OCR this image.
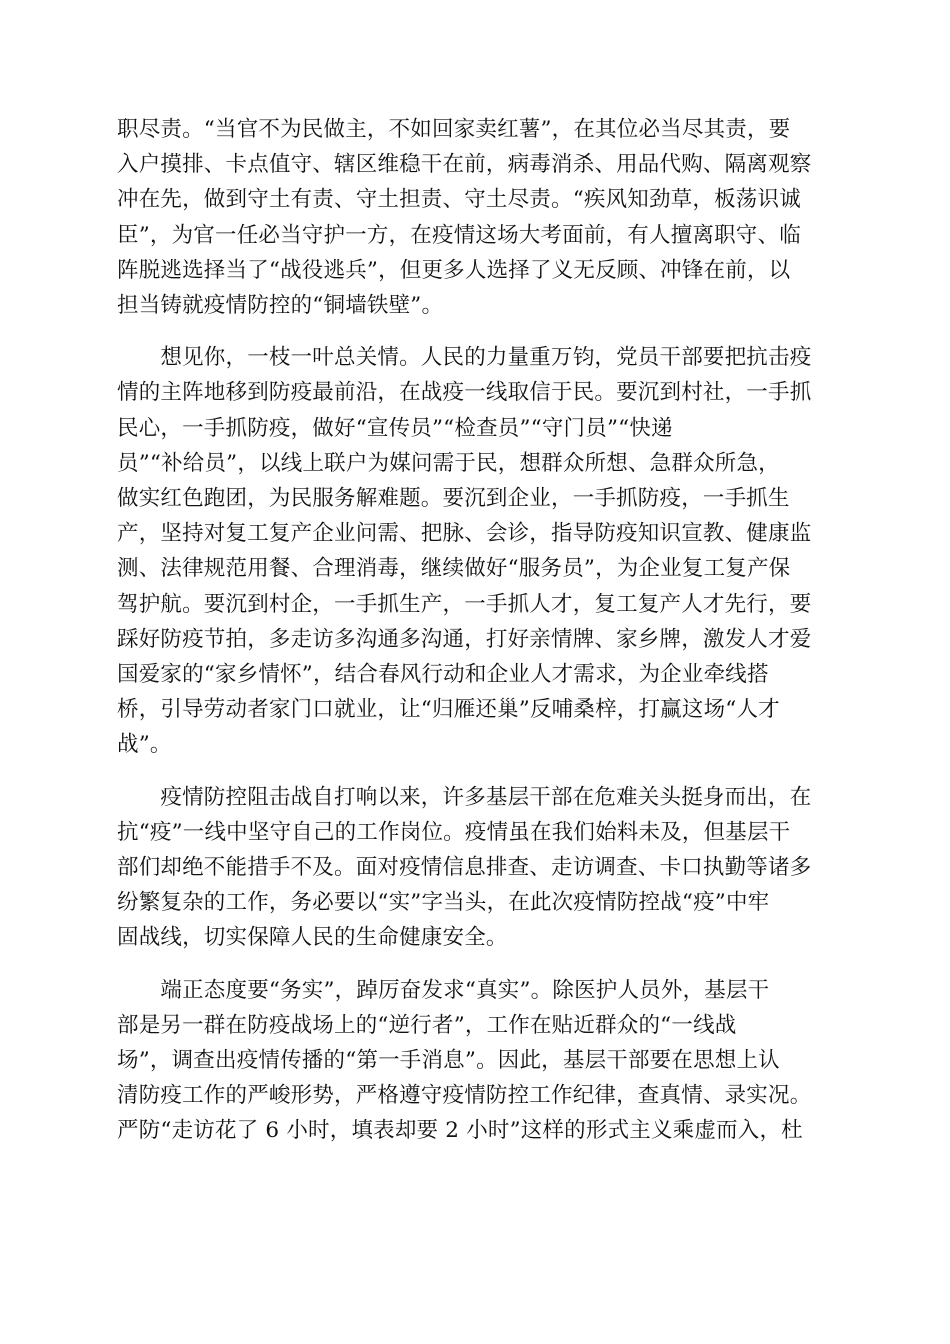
职尽责。“当官不为民做主，不如回家卖红薯”，在其位必当尽其责，要
入户摸排、卡点值守、辖区维稳干在前，病毒消杀、用品代购、隔离观察
冲在先，做到守土有责、守土担责、守土尽责。“疾风知劲草，板荡识诚
臣”，为官一任必当守护一方，在疫情这场大考面前，有人擅离职守、临
阵脱逃选择当了“战役逃兵”，但更多人选择了义无反顾、冲锋在前，以
担当铸就疫情防控的“铜墙铁壁”。

　　想见你，一枝一叶总关情。人民的力量重万钧，党员干部要把抗击疫
情的主阵地移到防疫最前沿，在战疫一线取信于民。要沉到村社，一手抓
民心，一手抓防疫，做好“宣传员”“检查员”“守门员”“快递
员”“补给员”，以线上联户为媒问需于民，想群众所想、急群众所急，
做实红色跑团，为民服务解难题。要沉到企业，一手抓防疫，一手抓生
产，坚持对复工复产企业问需、把脉、会诊，指导防疫知识宣教、健康监
测、法律规范用餐、合理消毒，继续做好“服务员”，为企业复工复产保
驾护航。要沉到村企，一手抓生产，一手抓人才，复工复产人才先行，要
踩好防疫节拍，多走访多沟通多沟通，打好亲情牌、家乡牌，激发人才爱
国爱家的“家乡情怀”，结合春风行动和企业人才需求，为企业牵线搭
桥，引导劳动者家门口就业，让“归雁还巢”反哺桑梓，打赢这场“人才
战”。

　　疫情防控阻击战自打响以来，许多基层干部在危难关头挺身而出，在
抗“疫”一线中坚守自己的工作岗位。疫情虽在我们始料未及，但基层干
部们却绝不能措手不及。面对疫情信息排查、走访调查、卡口执勤等诸多
纷繁复杂的工作，务必要以“实”字当头，在此次疫情防控战“疫”中牢
固战线，切实保障人民的生命健康安全。

　　端正态度要“务实”，踔厉奋发求“真实”。除医护人员外，基层干
部是另一群在防疫战场上的“逆行者”，工作在贴近群众的“一线战
场”，调查出疫情传播的“第一手消息”。因此，基层干部要在思想上认
清防疫工作的严峻形势，严格遵守疫情防控工作纪律，查真情、录实况。
严防“走访花了 6 小时，填表却要 2 小时”这样的形式主义乘虚而入，杜
